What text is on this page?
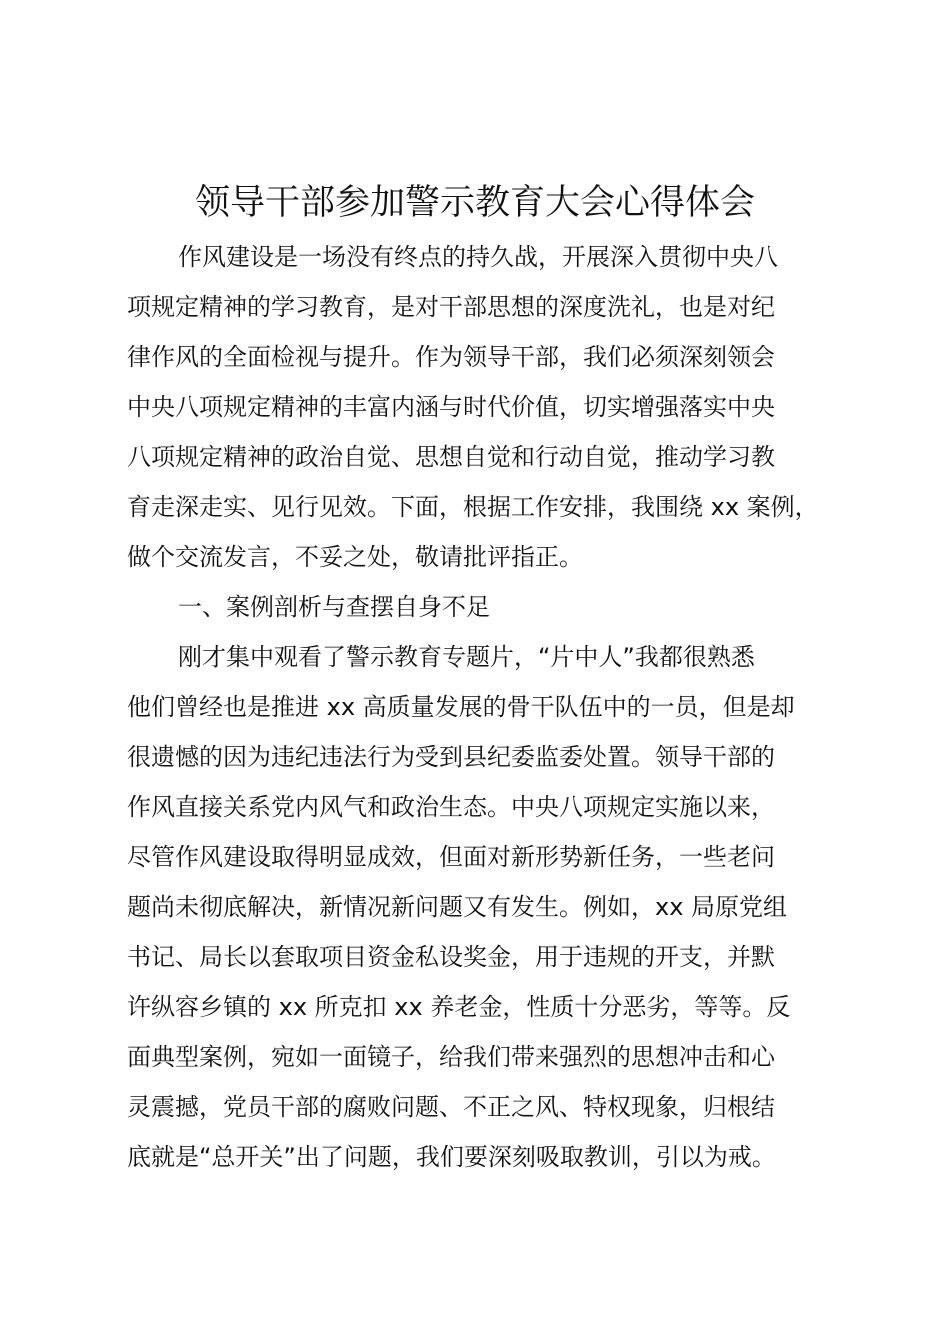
领导干部参加警示教育大会心得体会
作风建设是一场没有终点的持久战，开展深入贯彻中央八
项规定精神的学习教育，是对干部思想的深度洗礼，也是对纪
律作风的全面检视与提升。作为领导干部，我们必须深刻领会
中央八项规定精神的丰富内涵与时代价值，切实增强落实中央
八项规定精神的政治自觉、思想自觉和行动自觉，推动学习教
育走深走实、见行见效。下面，根据工作安排，我围绕 xx 案例，
做个交流发言，不妥之处，敬请批评指正。
一、案例剖析与查摆自身不足
刚才集中观看了警示教育专题片，“片中人”我都很熟悉
他们曾经也是推进 xx 高质量发展的骨干队伍中的一员，但是却
很遗憾的因为违纪违法行为受到县纪委监委处置。领导干部的
作风直接关系党内风气和政治生态。中央八项规定实施以来，
尽管作风建设取得明显成效，但面对新形势新任务，一些老问
题尚未彻底解决，新情况新问题又有发生。例如，xx 局原党组
书记、局长以套取项目资金私设奖金，用于违规的开支，并默
许纵容乡镇的 xx 所克扣 xx 养老金，性质十分恶劣，等等。反
面典型案例，宛如一面镜子，给我们带来强烈的思想冲击和心
灵震撼，党员干部的腐败问题、不正之风、特权现象，归根结
底就是“总开关”出了问题，我们要深刻吸取教训，引以为戒。
